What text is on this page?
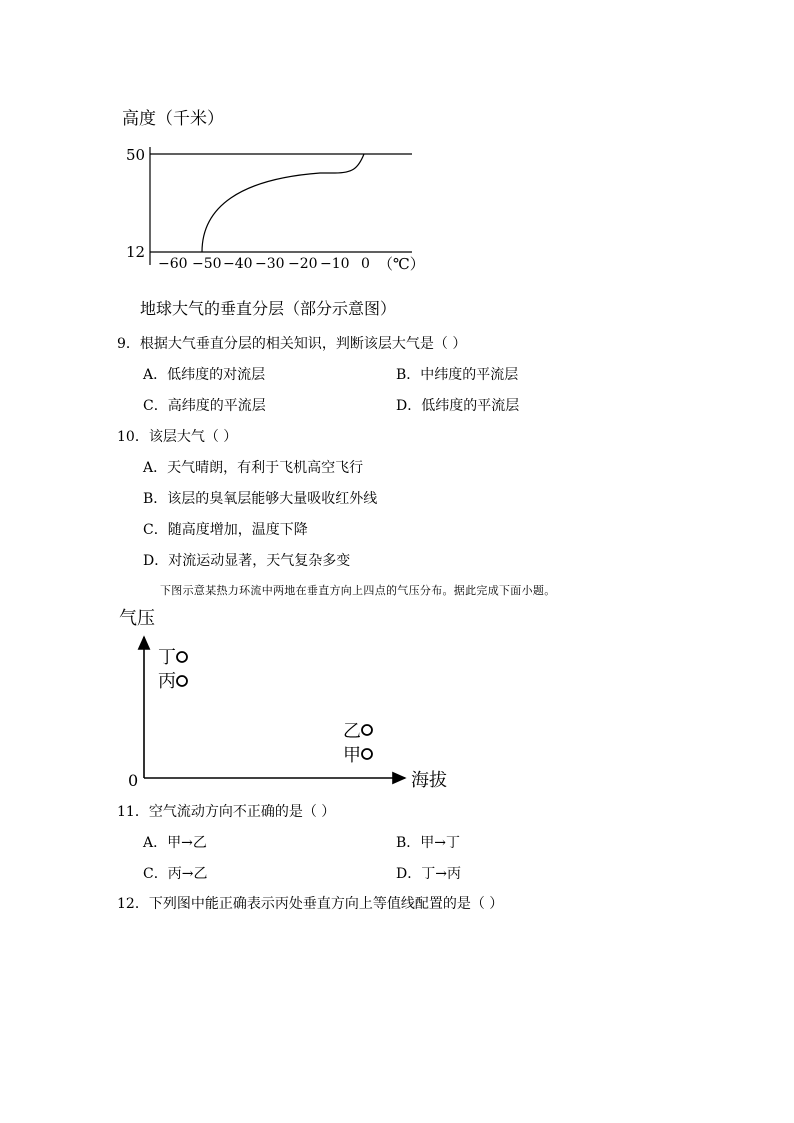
高度（千米）
50
12
−60 −50 −40 −30 −20 −10 0 （℃）
地球大气的垂直分层（部分示意图）
9．根据大气垂直分层的相关知识，判断该层大气是（ ）
A．低纬度的对流层	B．中纬度的平流层
C．高纬度的平流层	D．低纬度的平流层
10．该层大气（ ）
A．天气晴朗，有利于飞机高空飞行
B．该层的臭氧层能够大量吸收红外线
C．随高度增加，温度下降
D．对流运动显著，天气复杂多变
下图示意某热力环流中两地在垂直方向上四点的气压分布。据此完成下面小题。
气压
0	海拔
丁
丙
乙
甲
11．空气流动方向不正确的是（ ）
A．甲→乙	B．甲→丁
C．丙→乙	D．丁→丙
12．下列图中能正确表示丙处垂直方向上等值线配置的是（ ）
